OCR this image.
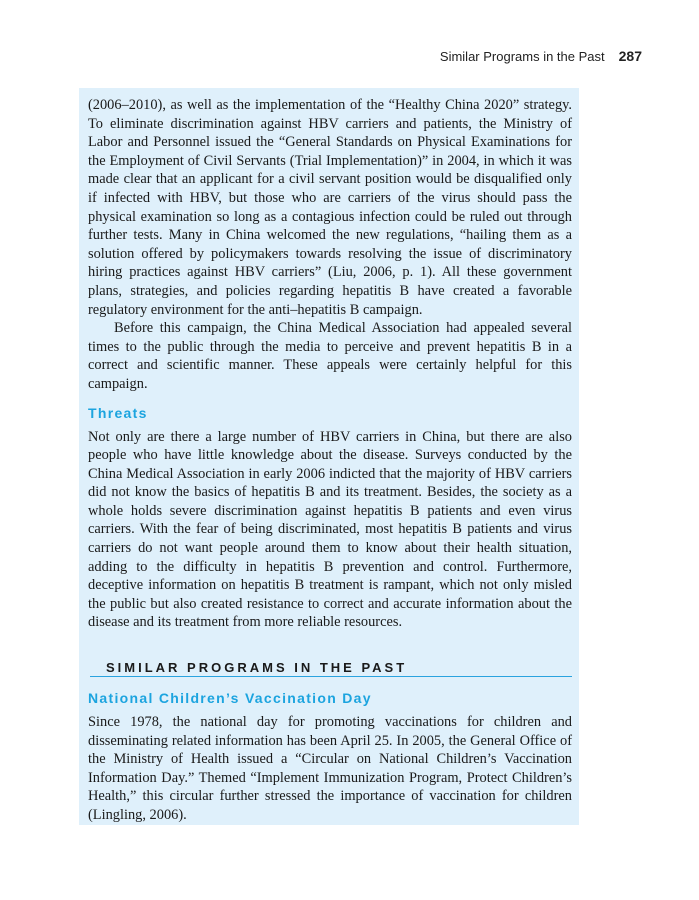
Similar Programs in the Past 287

(2006–2010), as well as the implementation of the “Healthy China 2020” strategy. To eliminate discrimination against HBV carriers and patients, the Ministry of Labor and Personnel issued the “General Standards on Physical Examinations for the Employment of Civil Servants (Trial Implementation)” in 2004, in which it was made clear that an applicant for a civil servant position would be disqualified only if infected with HBV, but those who are carriers of the virus should pass the physical examination so long as a contagious infection could be ruled out through further tests. Many in China welcomed the new regulations, “hailing them as a solution offered by policymakers towards resolving the issue of discriminatory hiring practices against HBV carriers” (Liu, 2006, p. 1). All these government plans, strategies, and policies regarding hepatitis B have created a favorable regulatory environment for the anti–hepatitis B campaign.

Before this campaign, the China Medical Association had appealed several times to the public through the media to perceive and prevent hepatitis B in a correct and scientific manner. These appeals were certainly helpful for this campaign.

Threats

Not only are there a large number of HBV carriers in China, but there are also people who have little knowledge about the disease. Surveys conducted by the China Medical Association in early 2006 indicted that the majority of HBV carriers did not know the basics of hepatitis B and its treatment. Besides, the society as a whole holds severe discrimination against hepatitis B patients and even virus carriers. With the fear of being discriminated, most hepatitis B patients and virus carriers do not want people around them to know about their health situation, adding to the difficulty in hepatitis B prevention and control. Furthermore, deceptive information on hepatitis B treatment is rampant, which not only misled the public but also created resistance to correct and accurate information about the disease and its treatment from more reliable resources.

SIMILAR PROGRAMS IN THE PAST
National Children’s Vaccination Day

Since 1978, the national day for promoting vaccinations for children and disseminating related information has been April 25. In 2005, the General Office of the Ministry of Health issued a “Circular on National Children’s Vaccination Information Day.” Themed “Implement Immunization Program, Protect Children’s Health,” this circular further stressed the importance of vaccination for children (Lingling, 2006).
